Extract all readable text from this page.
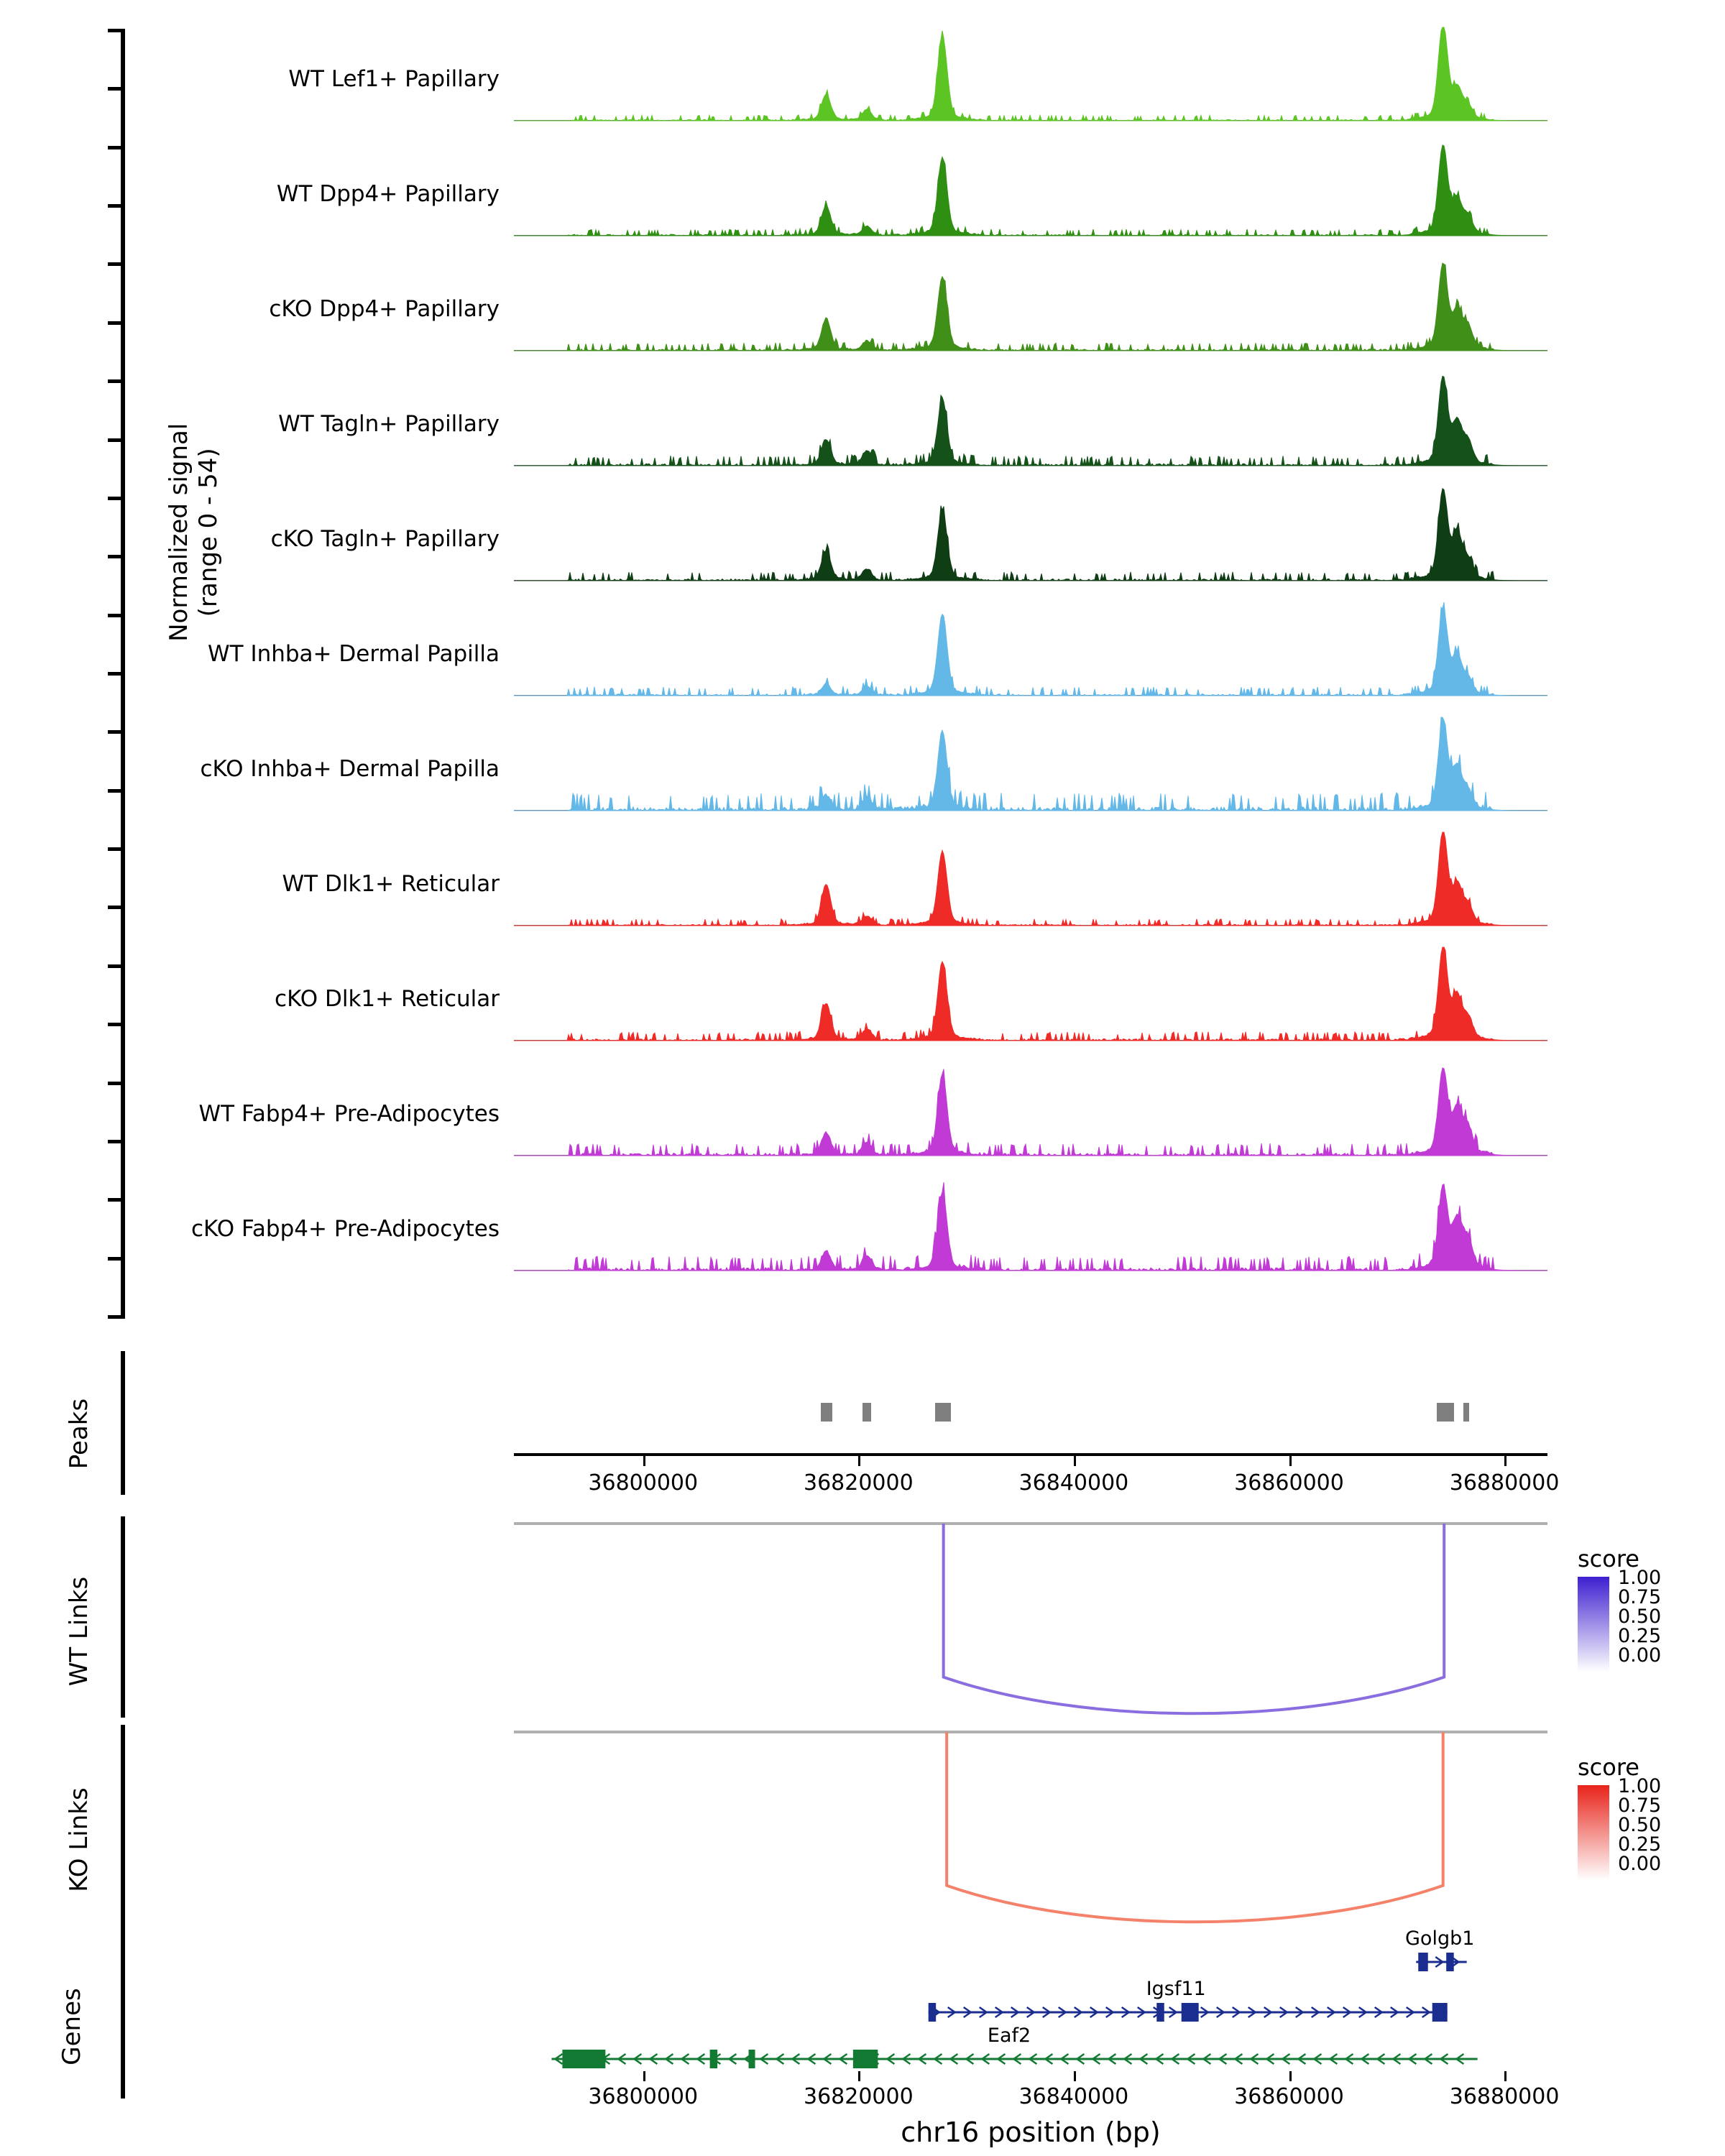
Normalized signal (range 0 - 54)
WT Lef1+ Papillary
WT Dpp4+ Papillary
cKO Dpp4+ Papillary
WT Tagln+ Papillary
cKO Tagln+ Papillary
WT Inhba+ Dermal Papilla
cKO Inhba+ Dermal Papilla
WT Dlk1+ Reticular
cKO Dlk1+ Reticular
WT Fabp4+ Pre-Adipocytes
cKO Fabp4+ Pre-Adipocytes
Peaks
36800000	36820000	36840000	36860000	36880000
WT Links
score
1.00
0.75
0.50
0.25
0.00
KO Links
score
1.00
0.75
0.50
0.25
0.00
Genes
Golgb1
Igsf11
Eaf2
36800000	36820000	36840000	36860000	36880000
chr16 position (bp)
